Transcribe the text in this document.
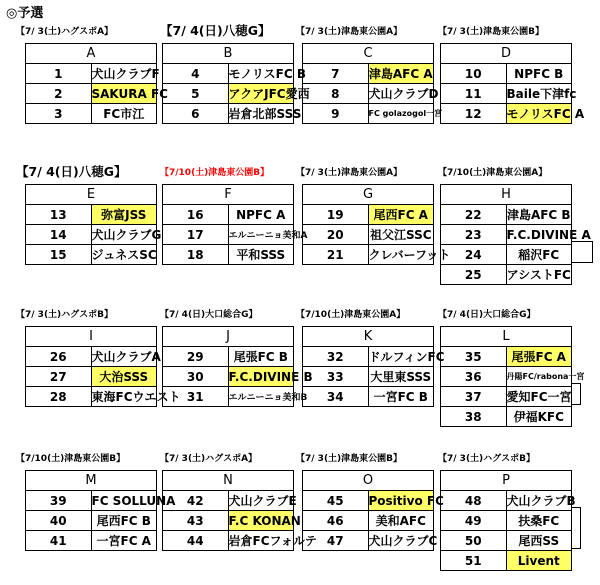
◎予選
【7/ 3(土)ハグスポA】	【7/ 4(日)八穂G】	【7/ 3(土)津島東公園A】	【7/ 3(土)津島東公園B】
A	
1	犬山クラブF
2	SAKURA FC
3	FC市江
B	
4	モノリスFC B
5	アクアJFC愛西
6	岩倉北部SSS
C	
7	津島AFC A
8	犬山クラブD
9	FC golazogol一宮
D	
10	NPFC B
11	Baile下津fc
12	モノリスFC A
【7/ 4(日)八穂G】	【7/10(土)津島東公園B】	【7/ 3(土)津島東公園A】	【7/10(土)津島東公園A】
E	
13	弥富JSS
14	犬山クラブG
15	ジュネスSC
F	
16	NPFC A
17	エルニーニョ美和A
18	平和SSS
G	
19	尾西FC A
20	祖父江SSC
21	クレバーフット
H	
22	津島AFC B
23	F.C.DIVINE A
24	稲沢FC
25	アシストFC
【7/ 3(土)ハグスポB】	【7/ 4(日)大口総合G】	【7/10(土)津島東公園A】	【7/ 4(日)大口総合G】
I	
26	犬山クラブA
27	大治SSS
28	東海FCウエスト
J	
29	尾張FC B
30	F.C.DIVINE B
31	エルニーニョ美和B
K	
32	ドルフィンFC
33	大里東SSS
34	一宮FC B
L	
35	尾張FC A
36	丹陽FC/rabona一宮
37	愛知FC一宮
38	伊福KFC
【7/10(土)津島東公園B】	【7/ 3(土)ハグスポA】	【7/ 3(土)津島東公園B】	【7/ 3(土)ハグスポB】
M	
39	FC SOLLUNA
40	尾西FC B
41	一宮FC A
N	
42	犬山クラブE
43	F.C KONAN
44	岩倉FCフォルテ
O	
45	Positivo FC
46	美和AFC
47	犬山クラブC
P	
48	犬山クラブB
49	扶桑FC
50	尾西SS
51	Livent
